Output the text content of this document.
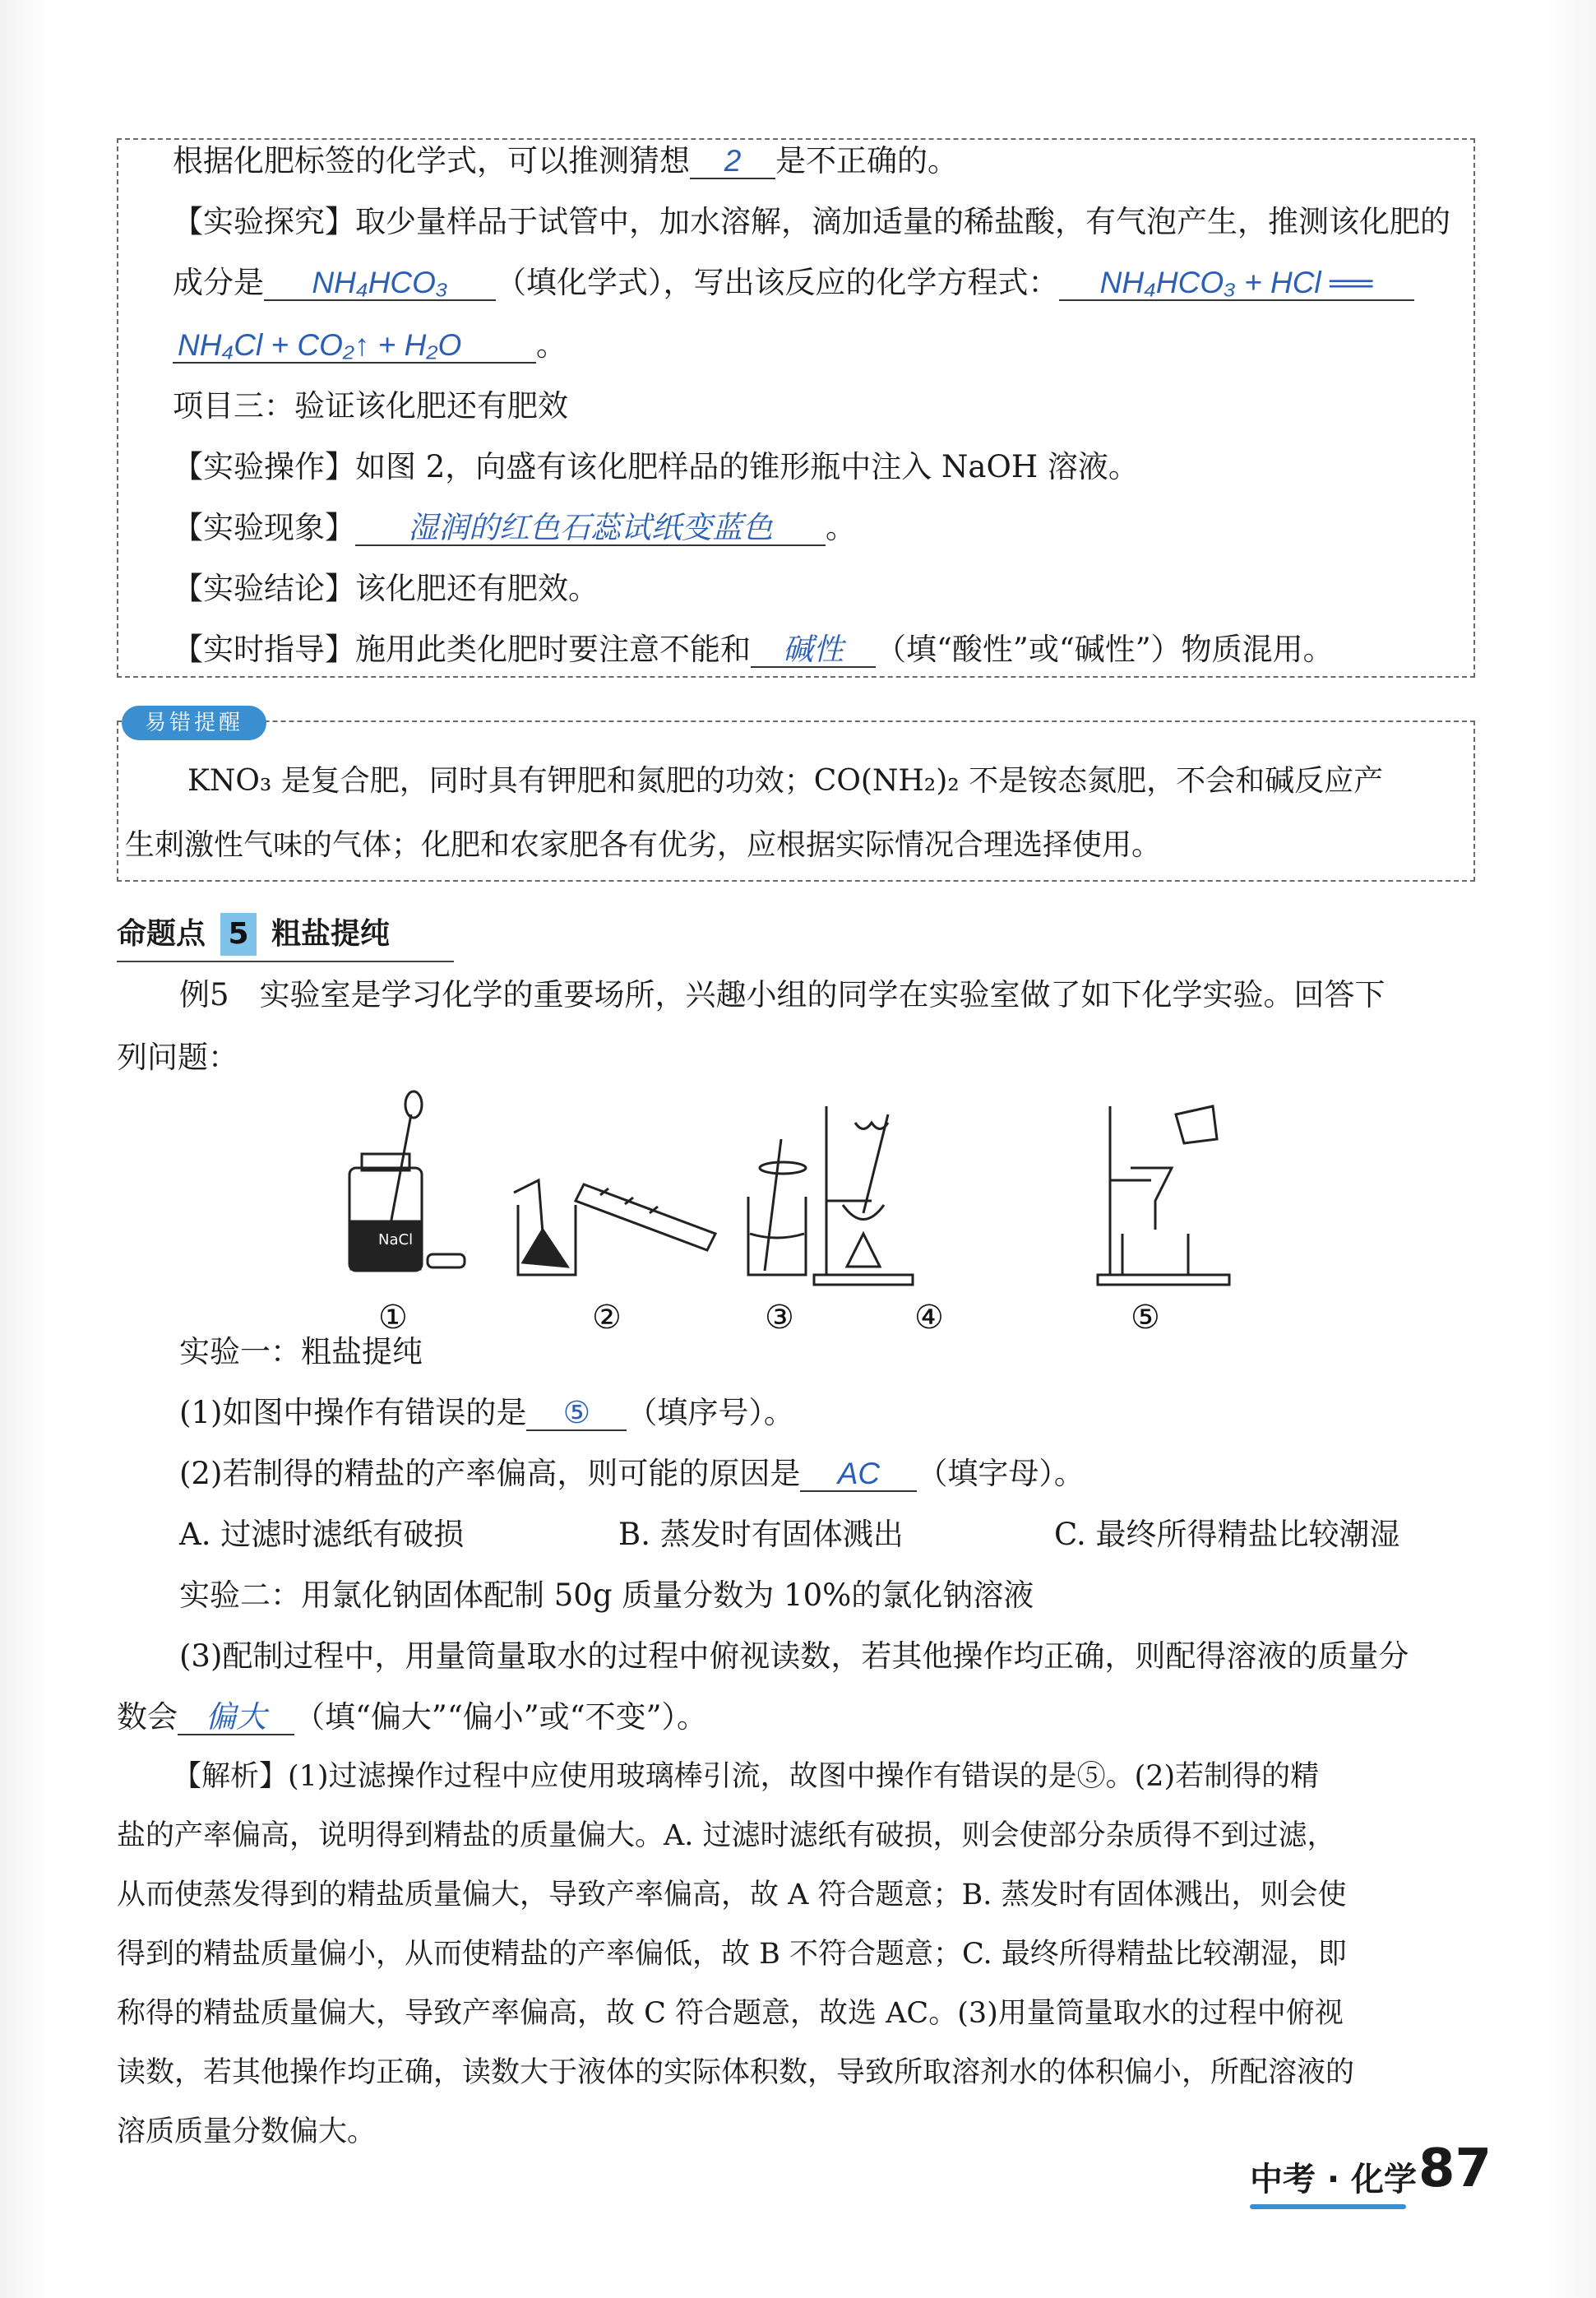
根据化肥标签的化学式，可以推测猜想 2 是不正确的。
【实验探究】取少量样品于试管中，加水溶解，滴加适量的稀盐酸，有气泡产生，推测该化肥的
成分是 NH₄HCO₃ （填化学式），写出该反应的化学方程式： NH₄HCO₃ + HCl ══
NH₄Cl + CO₂↑ + H₂O 。
项目三：验证该化肥还有肥效
【实验操作】如图 2，向盛有该化肥样品的锥形瓶中注入 NaOH 溶液。
【实验现象】 湿润的红色石蕊试纸变蓝色 。
【实验结论】该化肥还有肥效。
【实时指导】施用此类化肥时要注意不能和 碱性 （填“酸性”或“碱性”）物质混用。
易错提醒
KNO₃ 是复合肥，同时具有钾肥和氮肥的功效；CO(NH₂)₂ 不是铵态氮肥，不会和碱反应产
生刺激性气味的气体；化肥和农家肥各有优劣，应根据实际情况合理选择使用。
命题点 5 粗盐提纯
例5　实验室是学习化学的重要场所，兴趣小组的同学在实验室做了如下化学实验。回答下
列问题：
NaCl
①	②	③	④	⑤
实验一：粗盐提纯
(1)如图中操作有错误的是 ⑤ （填序号）。
(2)若制得的精盐的产率偏高，则可能的原因是 AC （填字母）。
A. 过滤时滤纸有破损	B. 蒸发时有固体溅出	C. 最终所得精盐比较潮湿
实验二：用氯化钠固体配制 50g 质量分数为 10%的氯化钠溶液
(3)配制过程中，用量筒量取水的过程中俯视读数，若其他操作均正确，则配得溶液的质量分
数会 偏大 （填“偏大”“偏小”或“不变”）。
【解析】(1)过滤操作过程中应使用玻璃棒引流，故图中操作有错误的是⑤。(2)若制得的精
盐的产率偏高，说明得到精盐的质量偏大。A. 过滤时滤纸有破损，则会使部分杂质得不到过滤，
从而使蒸发得到的精盐质量偏大，导致产率偏高，故 A 符合题意；B. 蒸发时有固体溅出，则会使
得到的精盐质量偏小，从而使精盐的产率偏低，故 B 不符合题意；C. 最终所得精盐比较潮湿，即
称得的精盐质量偏大，导致产率偏高，故 C 符合题意，故选 AC。(3)用量筒量取水的过程中俯视
读数，若其他操作均正确，读数大于液体的实际体积数，导致所取溶剂水的体积偏小，所配溶液的
溶质质量分数偏大。
中考 · 化学 87
